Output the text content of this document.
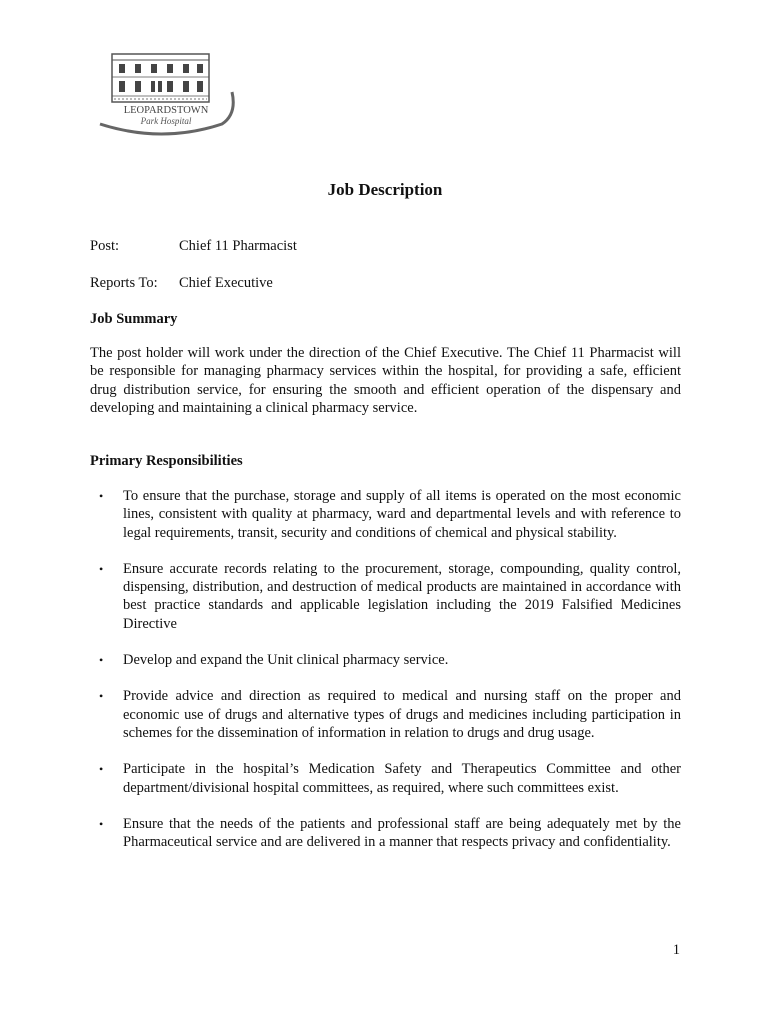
LEOPARDSTOWN
Park Hospital
Job Description
Post:	Chief 11 Pharmacist
Reports To: Chief Executive
Job Summary

The post holder will work under the direction of the Chief Executive. The Chief 11 Pharmacist will be responsible for managing pharmacy services within the hospital, for providing a safe, efficient drug distribution service, for ensuring the smooth and efficient operation of the dispensary and developing and maintaining a clinical pharmacy service.

Primary Responsibilities
• To ensure that the purchase, storage and supply of all items is operated on the most economic lines, consistent with quality at pharmacy, ward and departmental levels and with reference to legal requirements, transit, security and conditions of chemical and physical stability.
• Ensure accurate records relating to the procurement, storage, compounding, quality control, dispensing, distribution, and destruction of medical products are maintained in accordance with best practice standards and applicable legislation including the 2019 Falsified Medicines Directive
• Develop and expand the Unit clinical pharmacy service.
• Provide advice and direction as required to medical and nursing staff on the proper and economic use of drugs and alternative types of drugs and medicines including participation in schemes for the dissemination of information in relation to drugs and drug usage.
• Participate in the hospital’s Medication Safety and Therapeutics Committee and other department/divisional hospital committees, as required, where such committees exist.
• Ensure that the needs of the patients and professional staff are being adequately met by the Pharmaceutical service and are delivered in a manner that respects privacy and confidentiality.
1
